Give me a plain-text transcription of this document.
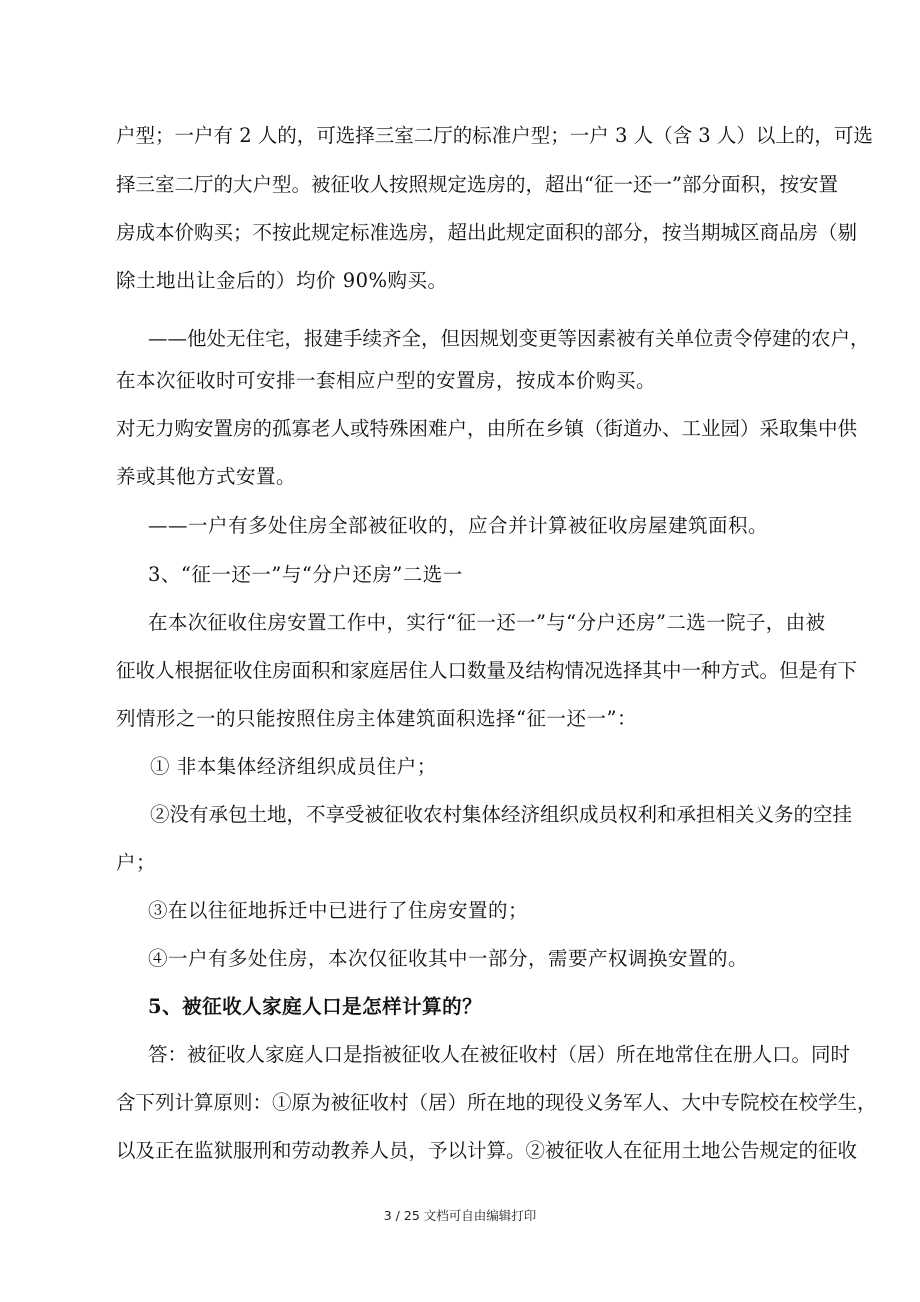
户型；一户有 2 人的，可选择三室二厅的标准户型；一户 3 人（含 3 人）以上的，可选
择三室二厅的大户型。被征收人按照规定选房的，超出“征一还一”部分面积，按安置
房成本价购买；不按此规定标准选房，超出此规定面积的部分，按当期城区商品房（剔
除土地出让金后的）均价 90%购买。
——他处无住宅，报建手续齐全，但因规划变更等因素被有关单位责令停建的农户，
在本次征收时可安排一套相应户型的安置房，按成本价购买。
对无力购安置房的孤寡老人或特殊困难户，由所在乡镇（街道办、工业园）采取集中供
养或其他方式安置。
——一户有多处住房全部被征收的，应合并计算被征收房屋建筑面积。
3、“征一还一”与“分户还房”二选一
在本次征收住房安置工作中，实行“征一还一”与“分户还房”二选一院子，由被
征收人根据征收住房面积和家庭居住人口数量及结构情况选择其中一种方式。但是有下
列情形之一的只能按照住房主体建筑面积选择“征一还一”：
① 非本集体经济组织成员住户；
②没有承包土地，不享受被征收农村集体经济组织成员权利和承担相关义务的空挂
户；
③在以往征地拆迁中已进行了住房安置的；
④一户有多处住房，本次仅征收其中一部分，需要产权调换安置的。
5、被征收人家庭人口是怎样计算的？
答：被征收人家庭人口是指被征收人在被征收村（居）所在地常住在册人口。同时
含下列计算原则：①原为被征收村（居）所在地的现役义务军人、大中专院校在校学生，
以及正在监狱服刑和劳动教养人员，予以计算。②被征收人在征用土地公告规定的征收
3 / 25 文档可自由编辑打印
